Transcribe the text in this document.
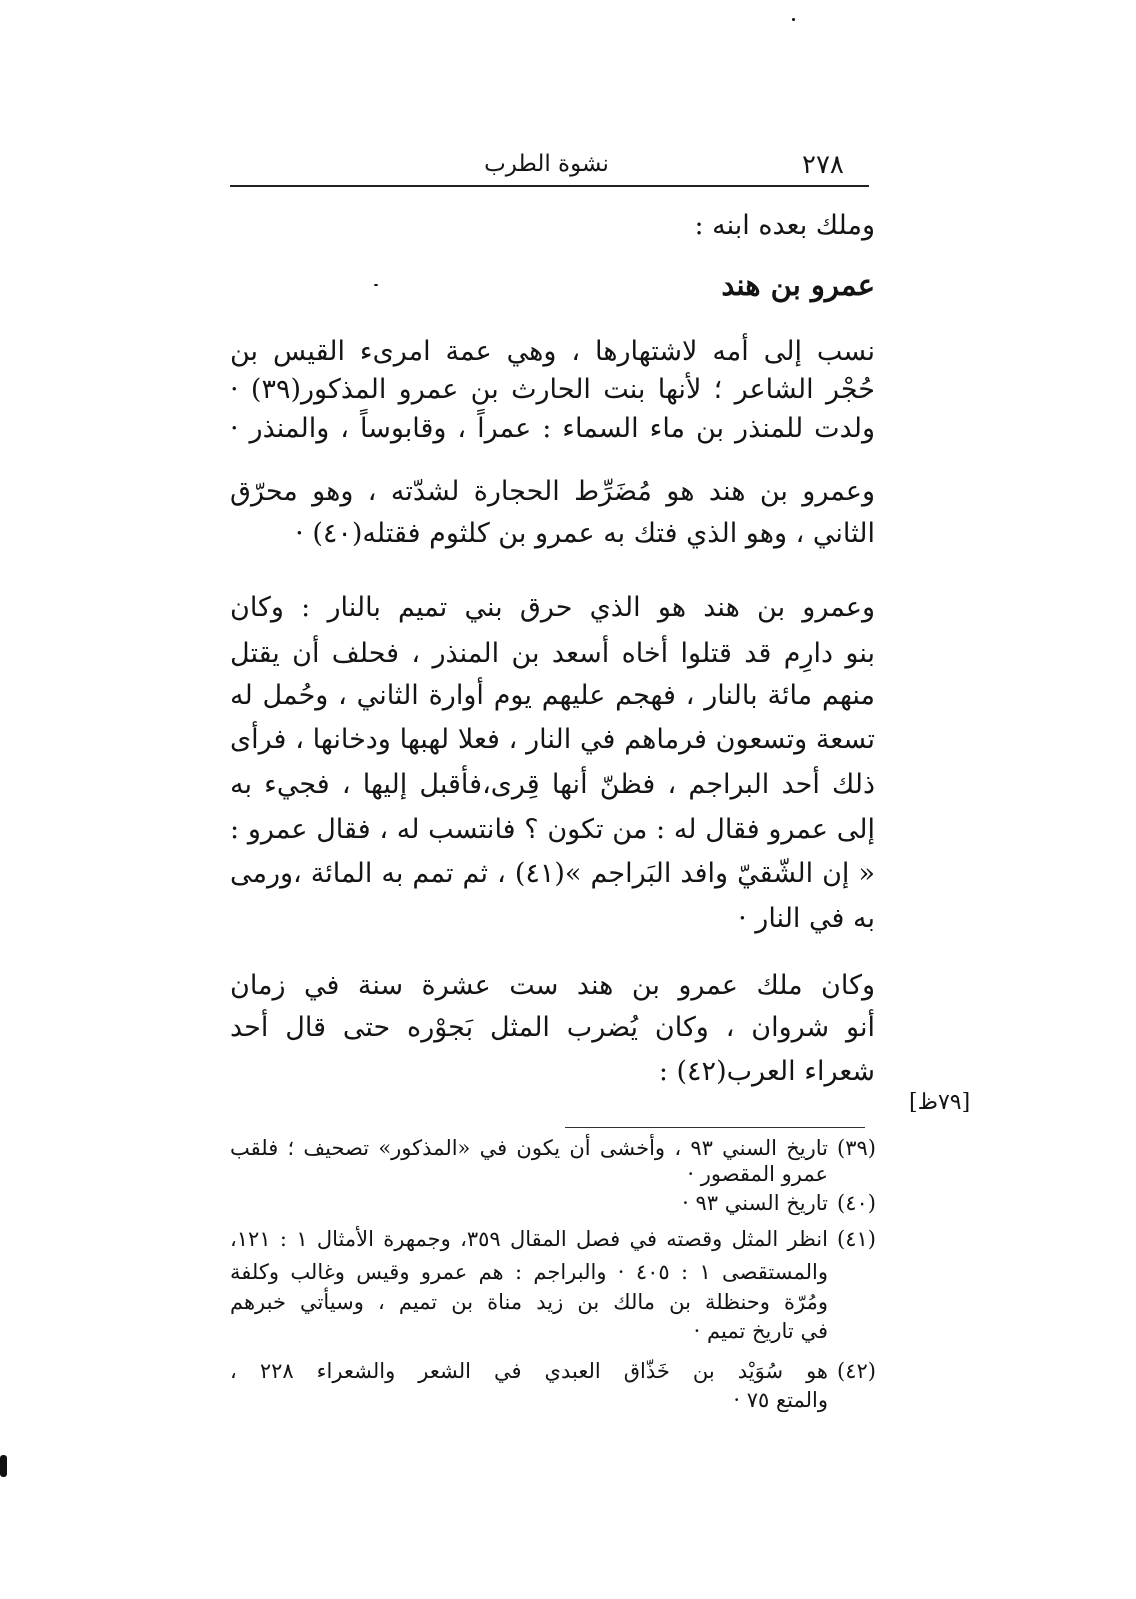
٢٧٨
نشوة الطرب
وملك بعده ابنه :
عمرو بن هند
نسب إلى أمه لاشتهارها ، وهي عمة امرىء القيس بن
حُجْر الشاعر ؛ لأنها بنت الحارث بن عمرو المذكور(٣٩) ·
ولدت للمنذر بن ماء السماء : عمراً ، وقابوساً ، والمنذر ·
وعمرو بن هند هو مُضَرِّط الحجارة لشدّته ، وهو محرّق
الثاني ، وهو الذي فتك به عمرو بن كلثوم فقتله(٤٠) ·
وعمرو بن هند هو الذي حرق بني تميم بالنار : وكان
بنو دارِم قد قتلوا أخاه أسعد بن المنذر ، فحلف أن يقتل
منهم مائة بالنار ، فهجم عليهم يوم أوارة الثاني ، وحُمل له
تسعة وتسعون فرماهم في النار ، فعلا لهبها ودخانها ، فرأى
ذلك أحد البراجم ، فظنّ أنها قِرى،فأقبل إليها ، فجيء به
إلى عمرو فقال له : من تكون ؟ فانتسب له ، فقال عمرو :
« إن الشّقيّ وافد البَراجم »(٤١) ، ثم تمم به المائة ،ورمى
به في النار ·
وكان ملك عمرو بن هند ست عشرة سنة في زمان
أنو شروان ، وكان يُضرب المثل بَجوْره حتى قال أحد
شعراء العرب(٤٢) :
[٧٩ظ]
(٣٩)
تاريخ السني ٩٣ ، وأخشى أن يكون في «المذكور» تصحيف ؛ فلقب
عمرو المقصور ·
(٤٠)
تاريخ السني ٩٣ ·
(٤١)
انظر المثل وقصته في فصل المقال ٣٥٩، وجمهرة الأمثال ١ : ١٢١،
والمستقصى ١ : ٤٠٥ · والبراجم : هم عمرو وقيس وغالب وكلفة
ومُرّة وحنظلة بن مالك بن زيد مناة بن تميم ، وسيأتي خبرهم
في تاريخ تميم ·
(٤٢)
هو سُوَيْد بن خَذّاق العبدي في الشعر والشعراء ٢٢٨ ،
والمتع ٧٥ ·
